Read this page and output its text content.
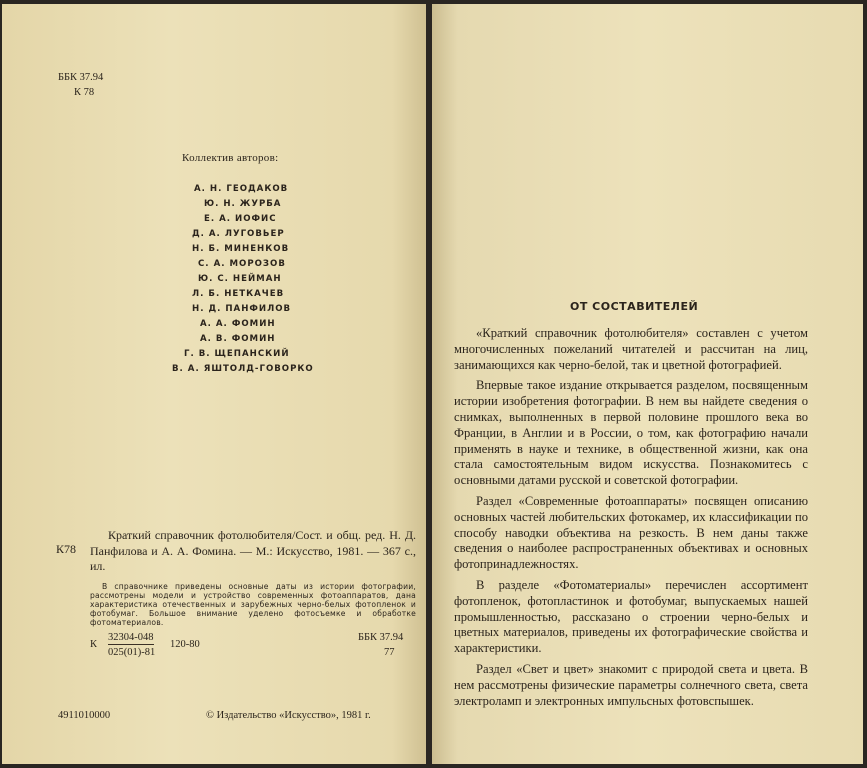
ББК 37.94
К 78
Коллектив авторов:
А. Н. ГЕОДАКОВ
Ю. Н. ЖУРБА
Е. А. ИОФИС
Д. А. ЛУГОВЬЕР
Н. Б. МИНЕНКОВ
С. А. МОРОЗОВ
Ю. С. НЕЙМАН
Л. Б. НЕТКАЧЕВ
Н. Д. ПАНФИЛОВ
А. А. ФОМИН
А. В. ФОМИН
Г. В. ЩЕПАНСКИЙ
В. А. ЯШТОЛД-ГОВОРКО
К78
Краткий справочник фотолюбителя/Сост. и общ. ред. Н. Д. Панфилова и А. А. Фомина. — М.: Искусство, 1981. — 367 с., ил.
В справочнике приведены основные даты из истории фотографии, рассмотрены модели и устройство современных фотоаппаратов, данa характеристика отечественных и зарубежных черно-белых фотопленок и фотобумаг. Большое внимание уделено фотосъемке и обработке фотоматериалов.
К
32304-048
025(01)-81
120-80
ББК 37.94
77
4911010000	© Издательство «Искусство», 1981 г.
ОТ СОСТАВИТЕЛЕЙ

«Краткий справочник фотолюбителя» составлен с учетом многочисленных пожеланий читателей и рассчитан на лиц, занимающихся как черно-белой, так и цветной фотографией.

Впервые такое издание открывается разделом, посвященным истории изобретения фотографии. В нем вы найдете сведения о снимках, выполненных в первой половине прошлого века во Франции, в Англии и в России, о том, как фотографию начали применять в науке и технике, в общественной жизни, как она стала самостоятельным видом искусства. Познакомитесь с основными датами русской и советской фотографии.

Раздел «Современные фотоаппараты» посвящен описанию основных частей любительских фотокамер, их классификации по способу наводки объектива на резкость. В нем даны также сведения о наиболее распространенных объективах и основных фотопринадлежностях.

В разделе «Фотоматериалы» перечислен ассортимент фотопленок, фотопластинок и фотобумаг, выпускаемых нашей промышленностью, рассказано о строении черно-белых и цветных материалов, приведены их фотографические свойства и характеристики.

Раздел «Свет и цвет» знакомит с природой света и цвета. В нем рассмотрены физические параметры солнечного света, света электроламп и электронных импульсных фотовспышек.
